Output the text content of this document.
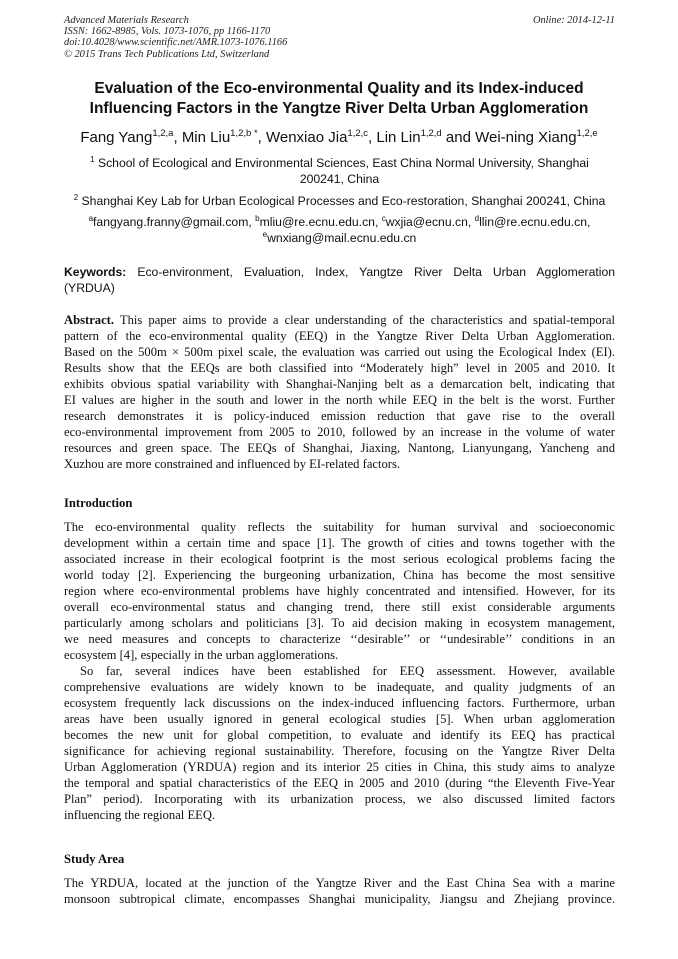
Advanced Materials Research
ISSN: 1662-8985, Vols. 1073-1076, pp 1166-1170
doi:10.4028/www.scientific.net/AMR.1073-1076.1166
© 2015 Trans Tech Publications Ltd, Switzerland
Online: 2014-12-11
Evaluation of the Eco-environmental Quality and its Index-induced
Influencing Factors in the Yangtze River Delta Urban Agglomeration
Fang Yang$^{1,2,a}$, Min Liu$^{1,2,b *}$, Wenxiao Jia$^{1,2,c}$, Lin Lin$^{1,2,d}$ and Wei-ning Xiang$^{1,2,e}$
$^1$ School of Ecological and Environmental Sciences, East China Normal University, Shanghai
200241, China
$^2$ Shanghai Key Lab for Urban Ecological Processes and Eco-restoration, Shanghai 200241, China
$^a$fangyang.franny@gmail.com, $^b$mliu@re.ecnu.edu.cn, $^c$wxjia@ecnu.cn, $^d$llin@re.ecnu.edu.cn,
$^e$wnxiang@mail.ecnu.edu.cn
Keywords: Eco-environment, Evaluation, Index, Yangtze River Delta Urban Agglomeration
(YRDUA)
Abstract. This paper aims to provide a clear understanding of the characteristics and spatial-temporal
pattern of the eco-environmental quality (EEQ) in the Yangtze River Delta Urban Agglomeration.
Based on the 500m × 500m pixel scale, the evaluation was carried out using the Ecological Index (EI).
Results show that the EEQs are both classified into “Moderately high” level in 2005 and 2010. It
exhibits obvious spatial variability with Shanghai-Nanjing belt as a demarcation belt, indicating that
EI values are higher in the south and lower in the north while EEQ in the belt is the worst. Further
research demonstrates it is policy-induced emission reduction that gave rise to the overall
eco-environmental improvement from 2005 to 2010, followed by an increase in the volume of water
resources and green space. The EEQs of Shanghai, Jiaxing, Nantong, Lianyungang, Yancheng and
Xuzhou are more constrained and influenced by EI-related factors.
Introduction
The eco-environmental quality reflects the suitability for human survival and socioeconomic
development within a certain time and space [1]. The growth of cities and towns together with the
associated increase in their ecological footprint is the most serious ecological problems facing the
world today [2]. Experiencing the burgeoning urbanization, China has become the most sensitive
region where eco-environmental problems have highly concentrated and intensified. However, for its
overall eco-environmental status and changing trend, there still exist considerable arguments
particularly among scholars and politicians [3]. To aid decision making in ecosystem management,
we need measures and concepts to characterize ‘‘desirable’’ or ‘‘undesirable’’ conditions in an
ecosystem [4], especially in the urban agglomerations.
So far, several indices have been established for EEQ assessment. However, available
comprehensive evaluations are widely known to be inadequate, and quality judgments of an
ecosystem frequently lack discussions on the index-induced influencing factors. Furthermore, urban
areas have been usually ignored in general ecological studies [5]. When urban agglomeration
becomes the new unit for global competition, to evaluate and identify its EEQ has practical
significance for achieving regional sustainability. Therefore, focusing on the Yangtze River Delta
Urban Agglomeration (YRDUA) region and its interior 25 cities in China, this study aims to analyze
the temporal and spatial characteristics of the EEQ in 2005 and 2010 (during “the Eleventh Five-Year
Plan” period). Incorporating with its urbanization process, we also discussed limited factors
influencing the regional EEQ.
Study Area
The YRDUA, located at the junction of the Yangtze River and the East China Sea with a marine
monsoon subtropical climate, encompasses Shanghai municipality, Jiangsu and Zhejiang province.
